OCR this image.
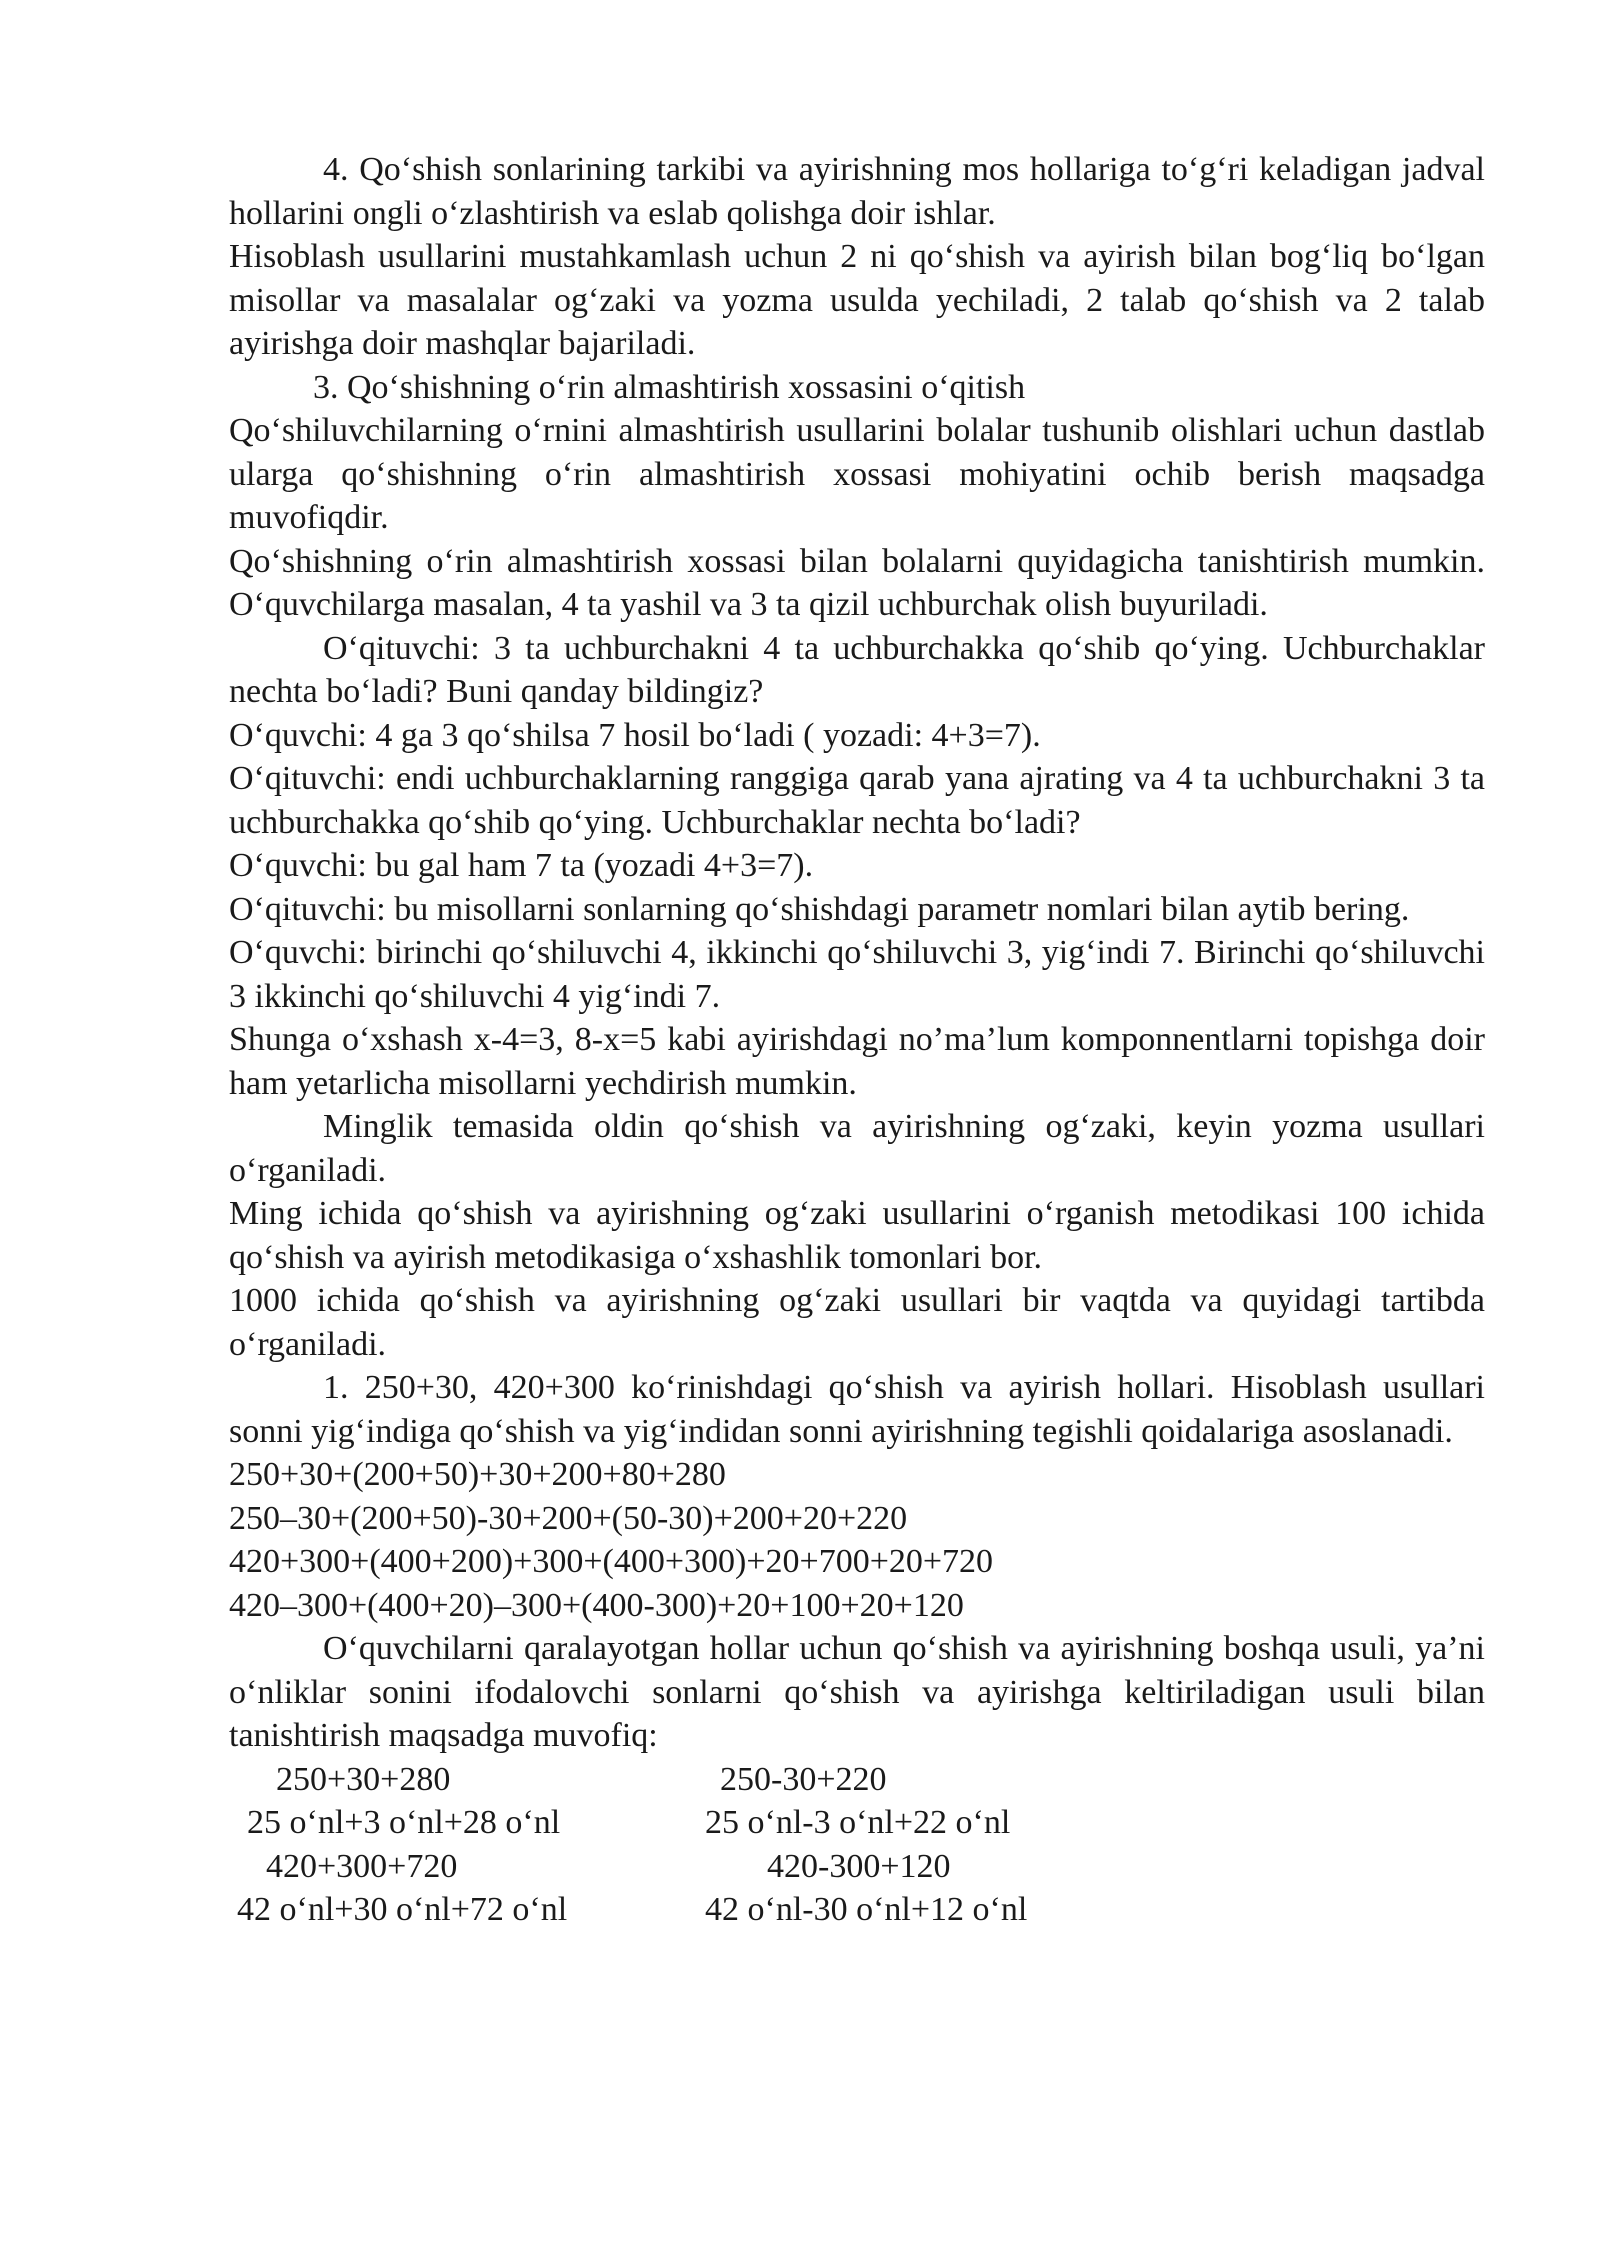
4. Qo‘shish sonlarining tarkibi va ayirishning mos hollariga to‘g‘ri keladigan jadval hollarini ongli o‘zlashtirish va eslab qolishga doir ishlar.

Hisoblash usullarini mustahkamlash uchun 2 ni qo‘shish va ayirish bilan bog‘liq bo‘lgan misollar va masalalar og‘zaki va yozma usulda yechiladi, 2 talab qo‘shish va 2 talab ayirishga doir mashqlar bajariladi.

3. Qo‘shishning o‘rin almashtirish xossasini o‘qitish

Qo‘shiluvchilarning o‘rnini almashtirish usullarini bolalar tushunib olishlari uchun dastlab ularga qo‘shishning o‘rin almashtirish xossasi mohiyatini ochib berish maqsadga muvofiqdir.

Qo‘shishning o‘rin almashtirish xossasi bilan bolalarni quyidagicha tanishtirish mumkin. O‘quvchilarga masalan, 4 ta yashil va 3 ta qizil uchburchak olish buyuriladi.

O‘qituvchi: 3 ta uchburchakni 4 ta uchburchakka qo‘shib qo‘ying. Uchburchaklar nechta bo‘ladi? Buni qanday bildingiz?

O‘quvchi: 4 ga 3 qo‘shilsa 7 hosil bo‘ladi ( yozadi: 4+3=7).

O‘qituvchi: endi uchburchaklarning ranggiga qarab yana ajrating va 4 ta uchburchakni 3 ta uchburchakka qo‘shib qo‘ying. Uchburchaklar nechta bo‘ladi?

O‘quvchi: bu gal ham 7 ta (yozadi 4+3=7).

O‘qituvchi: bu misollarni sonlarning qo‘shishdagi parametr nomlari bilan aytib bering.

O‘quvchi: birinchi qo‘shiluvchi 4, ikkinchi qo‘shiluvchi 3, yig‘indi 7. Birinchi qo‘shiluvchi 3 ikkinchi qo‘shiluvchi 4 yig‘indi 7.

Shunga o‘xshash x-4=3, 8-x=5 kabi ayirishdagi no’ma’lum komponnentlarni topishga doir ham yetarlicha misollarni yechdirish mumkin.

Minglik temasida oldin qo‘shish va ayirishning og‘zaki, keyin yozma usullari o‘rganiladi.

Ming ichida qo‘shish va ayirishning og‘zaki usullarini o‘rganish metodikasi 100 ichida qo‘shish va ayirish metodikasiga o‘xshashlik tomonlari bor.

1000 ichida qo‘shish va ayirishning og‘zaki usullari bir vaqtda va quyidagi tartibda o‘rganiladi.

1. 250+30, 420+300 ko‘rinishdagi qo‘shish va ayirish hollari. Hisoblash usullari sonni yig‘indiga qo‘shish va yig‘indidan sonni ayirishning tegishli qoidalariga asoslanadi.

250+30+(200+50)+30+200+80+280
250–30+(200+50)-30+200+(50-30)+200+20+220
420+300+(400+200)+300+(400+300)+20+700+20+720
420–300+(400+20)–300+(400-300)+20+100+20+120

O‘quvchilarni qaralayotgan hollar uchun qo‘shish va ayirishning boshqa usuli, ya’ni o‘nliklar sonini ifodalovchi sonlarni qo‘shish va ayirishga keltiriladigan usuli bilan tanishtirish maqsadga muvofiq:

250+30+280	250-30+220
25 o‘nl+3 o‘nl+28 o‘nl	25 o‘nl-3 o‘nl+22 o‘nl
420+300+720	420-300+120
42 o‘nl+30 o‘nl+72 o‘nl	42 o‘nl-30 o‘nl+12 o‘nl
